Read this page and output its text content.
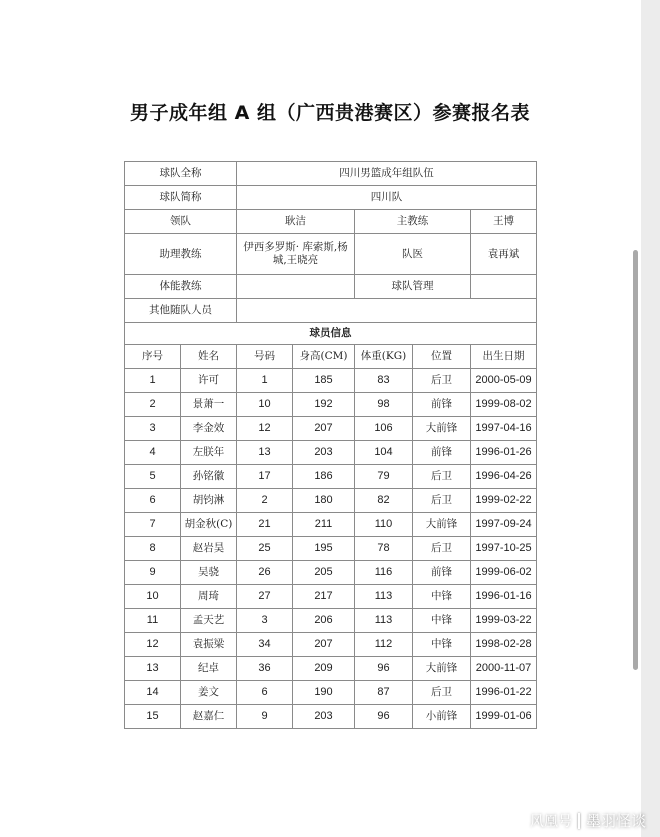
男子成年组 A 组（广西贵港赛区）参赛报名表
球队全称		四川男篮成年组队伍				
球队简称		四川队				
领队		耿洁		主教练		王博
助理教练		伊西多罗斯· 库索斯,杨城,王晓亮		队医		袁再斌
体能教练				球队管理		
其他随队人员						
球员信息						
序号	姓名	号码	身高(CM)	体重(KG)	位置	出生日期
1	许可	1	185	83	后卫	2000-05-09
2	景萧一	10	192	98	前锋	1999-08-02
3	李金效	12	207	106	大前锋	1997-04-16
4	左朕年	13	203	104	前锋	1996-01-26
5	孙铭徽	17	186	79	后卫	1996-04-26
6	胡钧淋	2	180	82	后卫	1999-02-22
7	胡金秋(C)	21	211	110	大前锋	1997-09-24
8	赵岩昊	25	195	78	后卫	1997-10-25
9	吴骁	26	205	116	前锋	1999-06-02
10	周琦	27	217	113	中锋	1996-01-16
11	孟天艺	3	206	113	中锋	1999-03-22
12	袁振梁	34	207	112	中锋	1998-02-28
13	纪卓	36	209	96	大前锋	2000-11-07
14	姜文	6	190	87	后卫	1996-01-22
15	赵嘉仁	9	203	96	小前锋	1999-01-06
风凰号 墨羽怪谈
